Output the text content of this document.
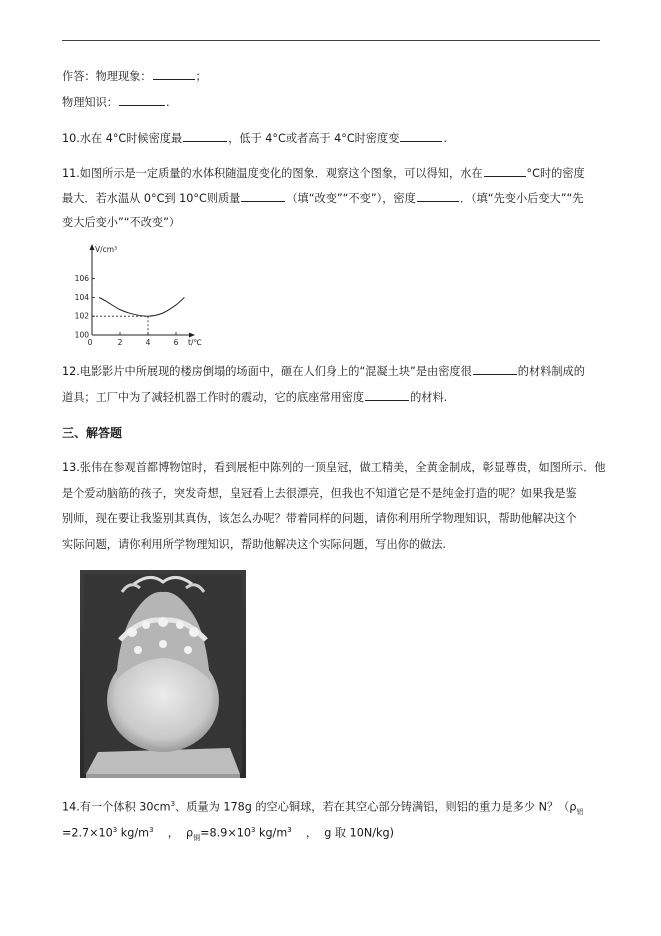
作答：物理现象：	；
物理知识：	.
10.水在 4°C时候密度最	，低于 4°C或者高于 4°C时密度变	.
11.如图所示是一定质量的水体积随温度变化的图象．观察这个图象，可以得知，水在	°C时的密度
最大．若水温从 0°C到 10°C则质量	（填“改变”“不变”），密度	．（填“先变小后变大”“先
变大后变小”“不改变”）
100
102
104
106
0	2	4	6
V/cm³
t/℃
12.电影影片中所展现的楼房倒塌的场面中，砸在人们身上的“混凝土块”是由密度很	的材料制成的
道具；工厂中为了减轻机器工作时的震动，它的底座常用密度	的材料.
三、解答题
13.张伟在参观首都博物馆时，看到展柜中陈列的一顶皇冠，做工精美，全黄金制成，彰显尊贵，如图所示．他
是个爱动脑筋的孩子，突发奇想，皇冠看上去很漂亮，但我也不知道它是不是纯金打造的呢？如果我是鉴
别师，现在要让我鉴别其真伪，该怎么办呢？带着同样的问题，请你利用所学物理知识，帮助他解决这个
实际问题，请你利用所学物理知识，帮助他解决这个实际问题，写出你的做法.
14.有一个体积 $30cm^3$、质量为 178g 的空心铜球，若在其空心部分铸满铝，则铝的重力是多少 N？（$\rho_铝$
$=2.7\times 10^3$ $kg/m^3$    ，  $\rho_铜=8.9\times 10^3$ $kg/m^3$    ，  g 取 10N/kg)
